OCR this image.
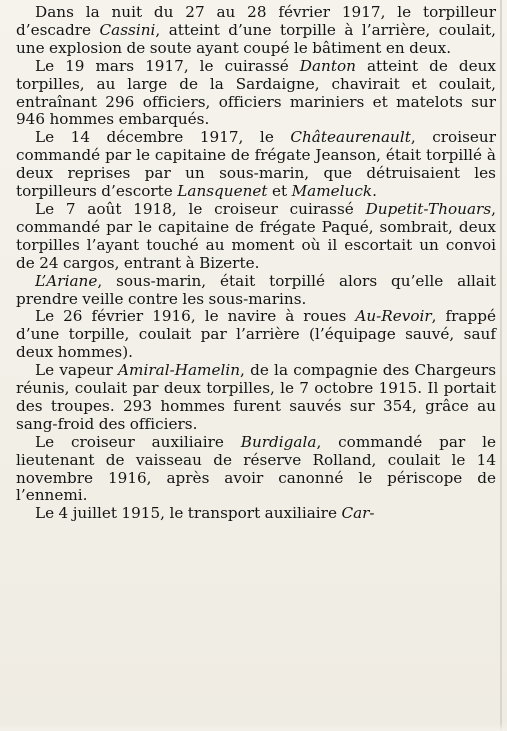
Dans la nuit du 27 au 28 février 1917, le torpilleur d’escadre Cassini, atteint d’une torpille à l’arrière, coulait, une explosion de soute ayant coupé le bâtiment en deux.

Le 19 mars 1917, le cuirassé Danton atteint de deux torpilles, au large de la Sardaigne, chavirait et coulait, entraînant 296 officiers, officiers mariniers et matelots sur 946 hommes embarqués.

Le 14 décembre 1917, le Châteaurenault, croiseur commandé par le capitaine de frégate Jeanson, était torpillé à deux reprises par un sous-marin, que détruisaient les torpilleurs d’escorte Lansquenet et Mameluck.

Le 7 août 1918, le croiseur cuirassé Dupetit-Thouars, commandé par le capitaine de frégate Paqué, sombrait, deux torpilles l’ayant touché au moment où il escortait un convoi de 24 cargos, entrant à Bizerte.

L’Ariane, sous-marin, était torpillé alors qu’elle allait prendre veille contre les sous-marins.

Le 26 février 1916, le navire à roues Au-Revoir, frappé d’une torpille, coulait par l’arrière (l’équipage sauvé, sauf deux hommes).

Le vapeur Amiral-Hamelin, de la compagnie des Chargeurs réunis, coulait par deux torpilles, le 7 octobre 1915. Il portait des troupes. 293 hommes furent sauvés sur 354, grâce au sang-froid des officiers.

Le croiseur auxiliaire Burdigala, commandé par le lieutenant de vaisseau de réserve Rolland, coulait le 14 novembre 1916, après avoir canonné le périscope de l’ennemi.

Le 4 juillet 1915, le transport auxiliaire Car-
